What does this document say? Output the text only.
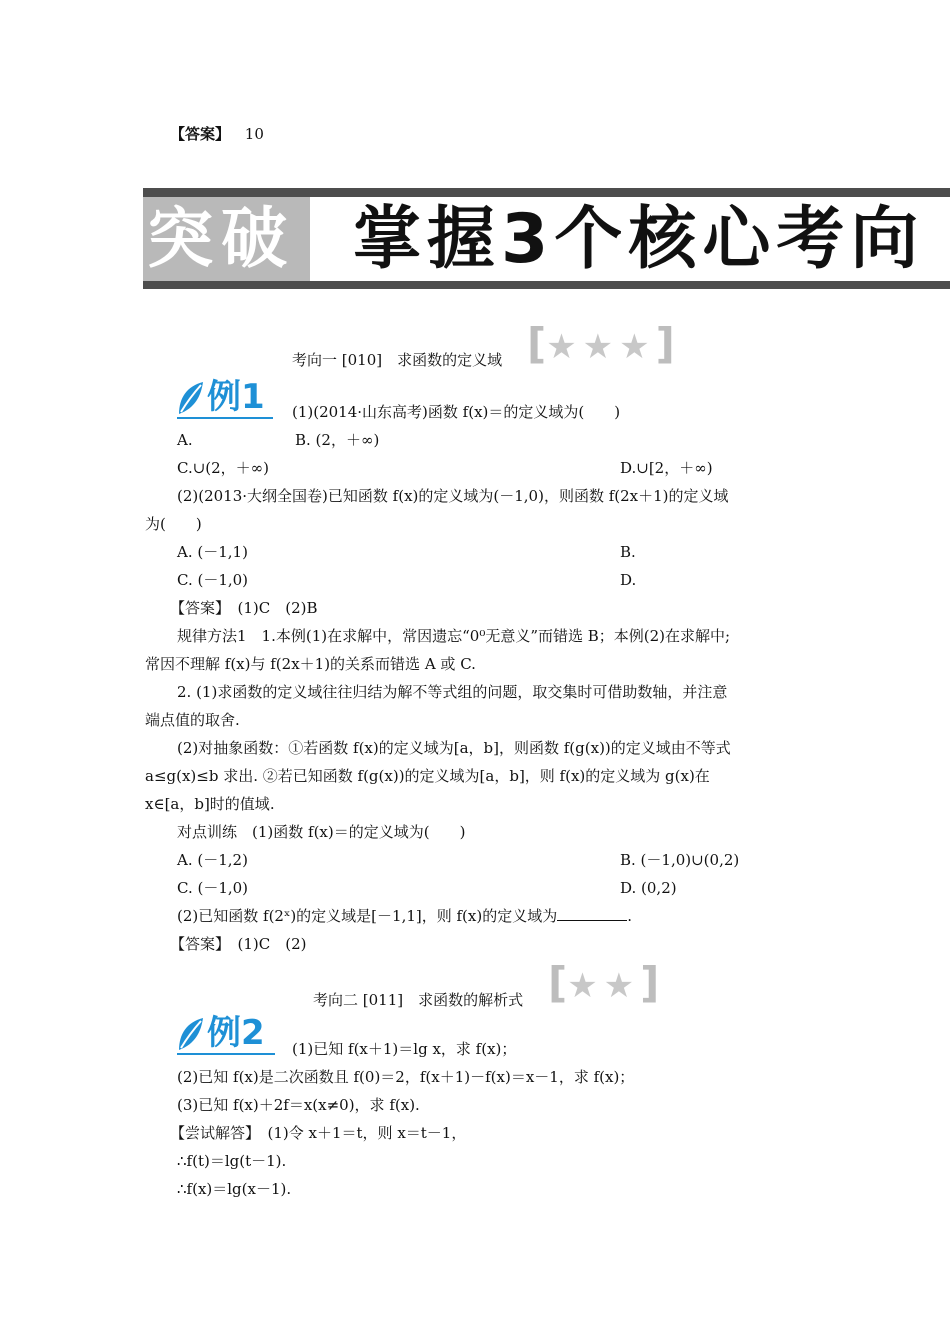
【答案】 10
突破 掌握3个核心考向
考向一 [010]　求函数的定义域 [★★★]
例1 (1)(2014·山东高考)函数 f(x)＝的定义域为(　　)
A.	B. (2，＋∞)
C.∪(2，＋∞)	D.∪[2，＋∞)
(2)(2013·大纲全国卷)已知函数 f(x)的定义域为(－1,0)，则函数 f(2x＋1)的定义域
为(　　)
A. (－1,1)	B.
C. (－1,0)	D.
【答案】　(1)C　(2)B
规律方法1　1.本例(1)在求解中，常因遗忘“0⁰无意义”而错选 B；本例(2)在求解中;
常因不理解 f(x)与 f(2x＋1)的关系而错选 A 或 C.
2. (1)求函数的定义域往往归结为解不等式组的问题，取交集时可借助数轴，并注意
端点值的取舍.
(2)对抽象函数：①若函数 f(x)的定义域为[a，b]，则函数 f(g(x))的定义域由不等式
a≤g(x)≤b 求出. ②若已知函数 f(g(x))的定义域为[a，b]，则 f(x)的定义域为 g(x)在
x∈[a，b]时的值域.
对点训练　(1)函数 f(x)＝的定义域为(　　)
A. (－1,2)	B. (－1,0)∪(0,2)
C. (－1,0)	D. (0,2)
(2)已知函数 f(2ˣ)的定义域是[－1,1]，则 f(x)的定义域为	.
【答案】　(1)C　(2)
考向二 [011]　求函数的解析式 [★★]
例2 (1)已知 f(x＋1)＝lg x，求 f(x)；
(2)已知 f(x)是二次函数且 f(0)＝2，f(x＋1)－f(x)＝x－1，求 f(x)；
(3)已知 f(x)＋2f＝x(x≠0)，求 f(x).
【尝试解答】　(1)令 x＋1＝t，则 x＝t－1，
∴f(t)＝lg(t－1).
∴f(x)＝lg(x－1).
